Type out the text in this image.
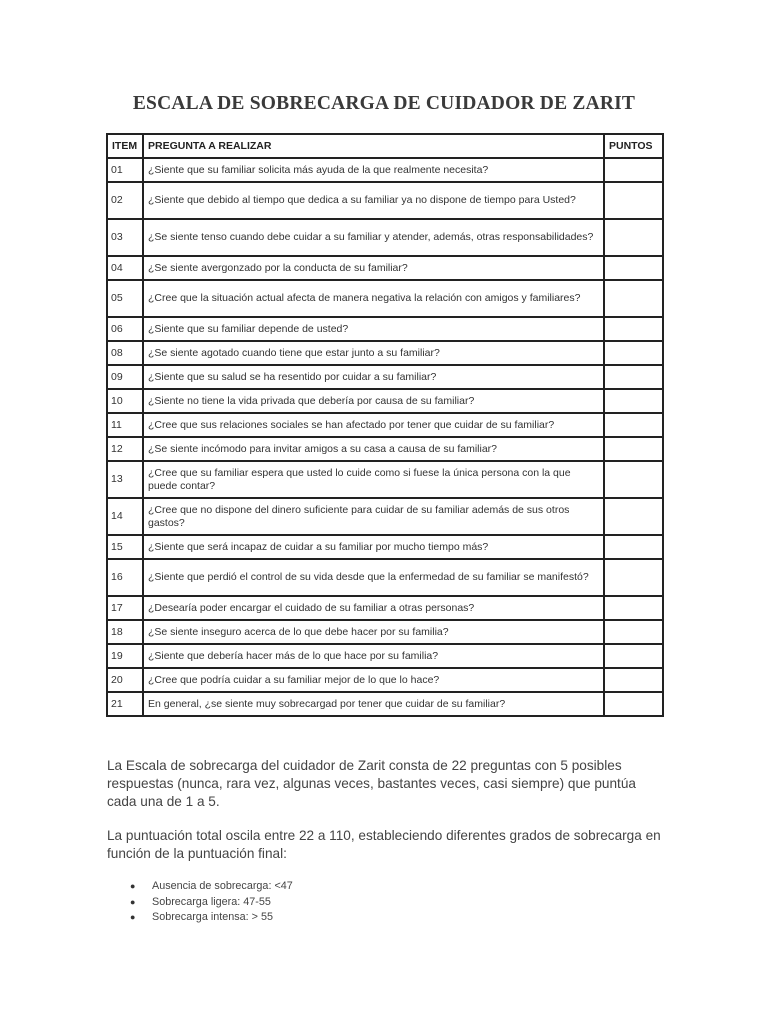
ESCALA DE SOBRECARGA DE CUIDADOR DE ZARIT
ITEM	PREGUNTA A REALIZAR	PUNTOS
01	¿Siente que su familiar solicita más ayuda de la que realmente necesita?	
02	¿Siente que debido al tiempo que dedica a su familiar ya no dispone de tiempo para Usted?	
03	¿Se siente tenso cuando debe cuidar a su familiar y atender, además, otras responsabilidades?	
04	¿Se siente avergonzado por la conducta de su familiar?	
05	¿Cree que la situación actual afecta de manera negativa la relación con amigos y familiares?	
06	¿Siente que su familiar depende de usted?	
08	¿Se siente agotado cuando tiene que estar junto a su familiar?	
09	¿Siente que su salud se ha resentido por cuidar a su familiar?	
10	¿Siente no tiene la vida privada que debería por causa de su familiar?	
11	¿Cree que sus relaciones sociales se han afectado por tener que cuidar de su familiar?	
12	¿Se siente incómodo para invitar amigos a su casa a causa de su familiar?	
13	¿Cree que su familiar espera que usted lo cuide como si fuese la única persona con la que puede contar?	
14	¿Cree que no dispone del dinero suficiente para cuidar de su familiar además de sus otros gastos?	
15	¿Siente que será incapaz de cuidar a su familiar por mucho tiempo más?	
16	¿Siente que perdió el control de su vida desde que la enfermedad de su familiar se manifestó?	
17	¿Desearía poder encargar el cuidado de su familiar a otras personas?	
18	¿Se siente inseguro acerca de lo que debe hacer por su familia?	
19	¿Siente que debería hacer más de lo que hace por su familia?	
20	¿Cree que podría cuidar a su familiar mejor de lo que lo hace?	
21	En general, ¿se siente muy sobrecargad por tener que cuidar de su familiar?	
La Escala de sobrecarga del cuidador de Zarit consta de 22 preguntas con 5 posibles respuestas (nunca, rara vez, algunas veces, bastantes veces, casi siempre) que puntúa cada una de 1 a 5.
La puntuación total oscila entre 22 a 110, estableciendo diferentes grados de sobrecarga en función de la puntuación final:
● Ausencia de sobrecarga: <47
● Sobrecarga ligera: 47-55
● Sobrecarga intensa: > 55
